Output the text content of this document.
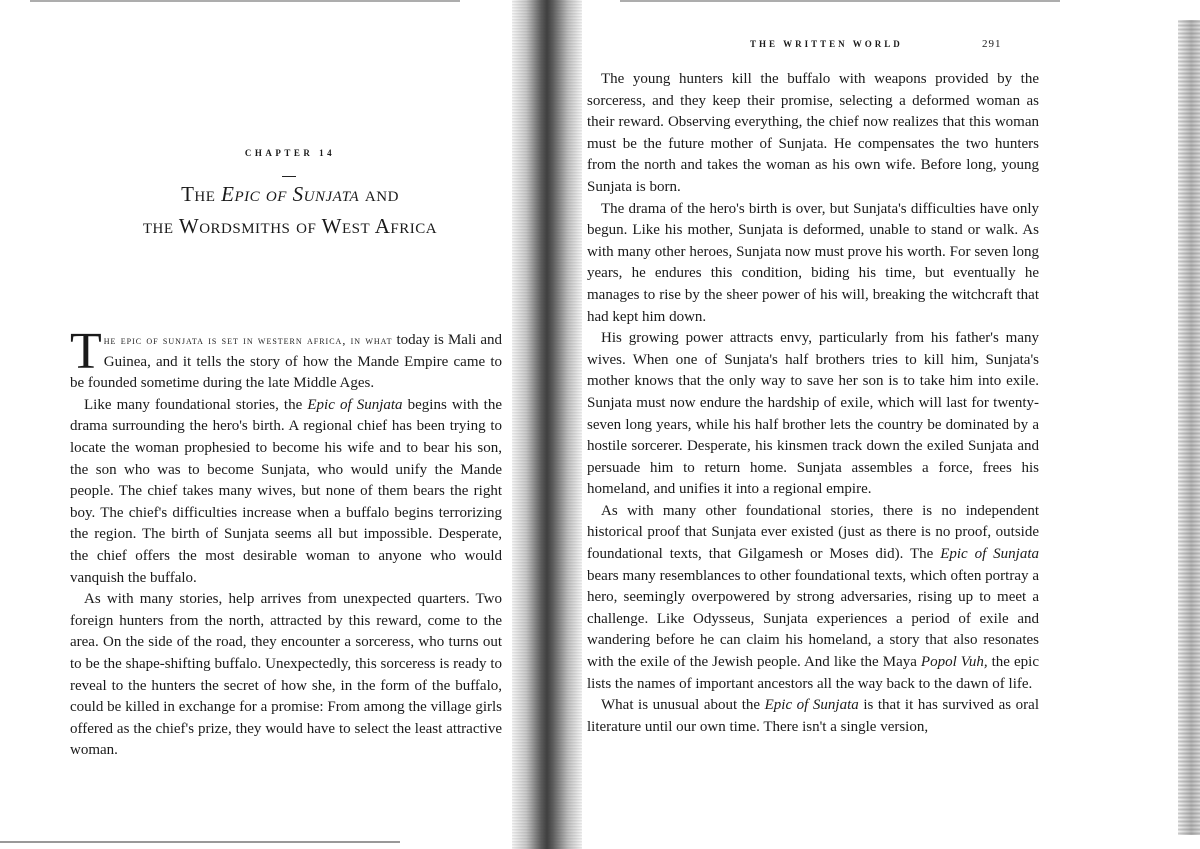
CHAPTER 14
The Epic of Sunjata and
the Wordsmiths of West Africa

The epic of sunjata is set in western africa, in what today is Mali and Guinea, and it tells the story of how the Mande Empire came to be founded sometime during the late Middle Ages.

Like many foundational stories, the Epic of Sunjata begins with the drama surrounding the hero's birth. A regional chief has been trying to locate the woman prophesied to become his wife and to bear his son, the son who was to become Sunjata, who would unify the Mande people. The chief takes many wives, but none of them bears the right boy. The chief's difficulties increase when a buffalo begins terrorizing the region. The birth of Sunjata seems all but impossible. Desperate, the chief offers the most desirable woman to anyone who would vanquish the buffalo.

As with many stories, help arrives from unexpected quarters. Two foreign hunters from the north, attracted by this reward, come to the area. On the side of the road, they encounter a sorceress, who turns out to be the shape-shifting buffalo. Unexpectedly, this sorceress is ready to reveal to the hunters the secret of how she, in the form of the buffalo, could be killed in exchange for a promise: From among the village girls offered as the chief's prize, they would have to select the least attractive woman.

THE WRITTEN WORLD	291

The young hunters kill the buffalo with weapons provided by the sorceress, and they keep their promise, selecting a deformed woman as their reward. Observing everything, the chief now realizes that this woman must be the future mother of Sunjata. He compensates the two hunters from the north and takes the woman as his own wife. Before long, young Sunjata is born.

The drama of the hero's birth is over, but Sunjata's difficulties have only begun. Like his mother, Sunjata is deformed, unable to stand or walk. As with many other heroes, Sunjata now must prove his worth. For seven long years, he endures this condition, biding his time, but eventually he manages to rise by the sheer power of his will, breaking the witchcraft that had kept him down.

His growing power attracts envy, particularly from his father's many wives. When one of Sunjata's half brothers tries to kill him, Sunjata's mother knows that the only way to save her son is to take him into exile. Sunjata must now endure the hardship of exile, which will last for twenty-seven long years, while his half brother lets the country be dominated by a hostile sorcerer. Desperate, his kinsmen track down the exiled Sunjata and persuade him to return home. Sunjata assembles a force, frees his homeland, and unifies it into a regional empire.

As with many other foundational stories, there is no independent historical proof that Sunjata ever existed (just as there is no proof, outside foundational texts, that Gilgamesh or Moses did). The Epic of Sunjata bears many resemblances to other foundational texts, which often portray a hero, seemingly overpowered by strong adversaries, rising up to meet a challenge. Like Odysseus, Sunjata experiences a period of exile and wandering before he can claim his homeland, a story that also resonates with the exile of the Jewish people. And like the Maya Popol Vuh, the epic lists the names of important ancestors all the way back to the dawn of life.

What is unusual about the Epic of Sunjata is that it has survived as oral literature until our own time. There isn't a single version,
